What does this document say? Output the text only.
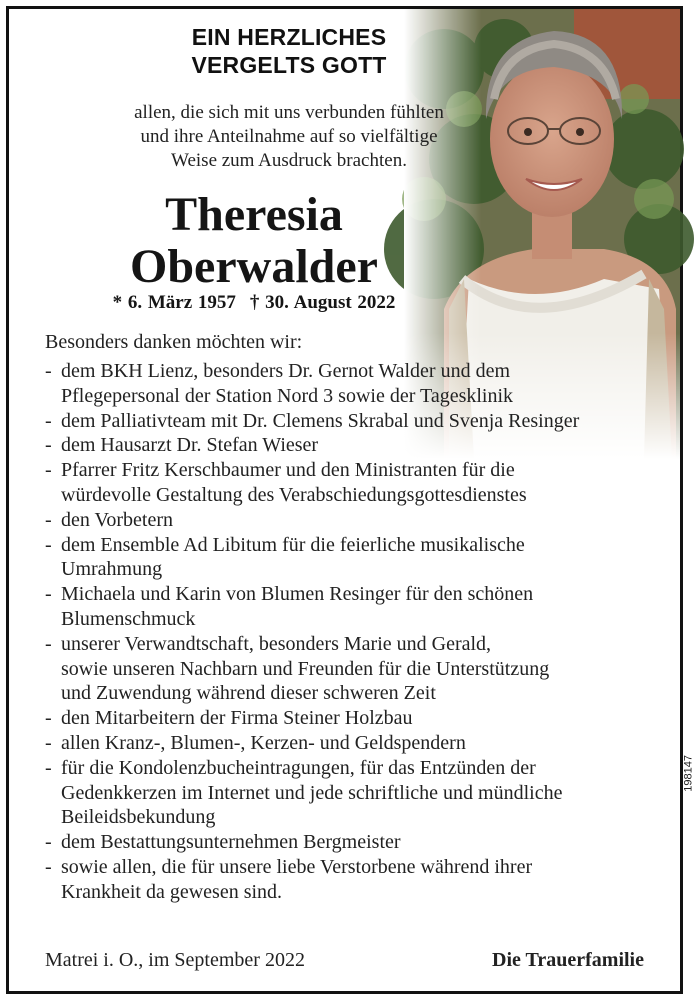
EIN HERZLICHES
VERGELTS GOTT
allen, die sich mit uns verbunden fühlten
und ihre Anteilnahme auf so vielfältige
Weise zum Ausdruck brachten.
Theresia
Oberwalder
* 6. März 1957 † 30. August 2022
Besonders danken möchten wir:
- dem BKH Lienz, besonders Dr. Gernot Walder und dem
Pflegepersonal der Station Nord 3 sowie der Tagesklinik
- dem Palliativteam mit Dr. Clemens Skrabal und Svenja Resinger
- dem Hausarzt Dr. Stefan Wieser
- Pfarrer Fritz Kerschbaumer und den Ministranten für die
würdevolle Gestaltung des Verabschiedungsgottesdienstes
- den Vorbetern
- dem Ensemble Ad Libitum für die feierliche musikalische
Umrahmung
- Michaela und Karin von Blumen Resinger für den schönen
Blumenschmuck
- unserer Verwandtschaft, besonders Marie und Gerald,
sowie unseren Nachbarn und Freunden für die Unterstützung
und Zuwendung während dieser schweren Zeit
- den Mitarbeitern der Firma Steiner Holzbau
- allen Kranz-, Blumen-, Kerzen- und Geldspendern
- für die Kondolenzbucheintragungen, für das Entzünden der
Gedenkkerzen im Internet und jede schriftliche und mündliche
Beileidsbekundung
- dem Bestattungsunternehmen Bergmeister
- sowie allen, die für unsere liebe Verstorbene während ihrer
Krankheit da gewesen sind.
Matrei i. O., im September 2022	Die Trauerfamilie
198147
